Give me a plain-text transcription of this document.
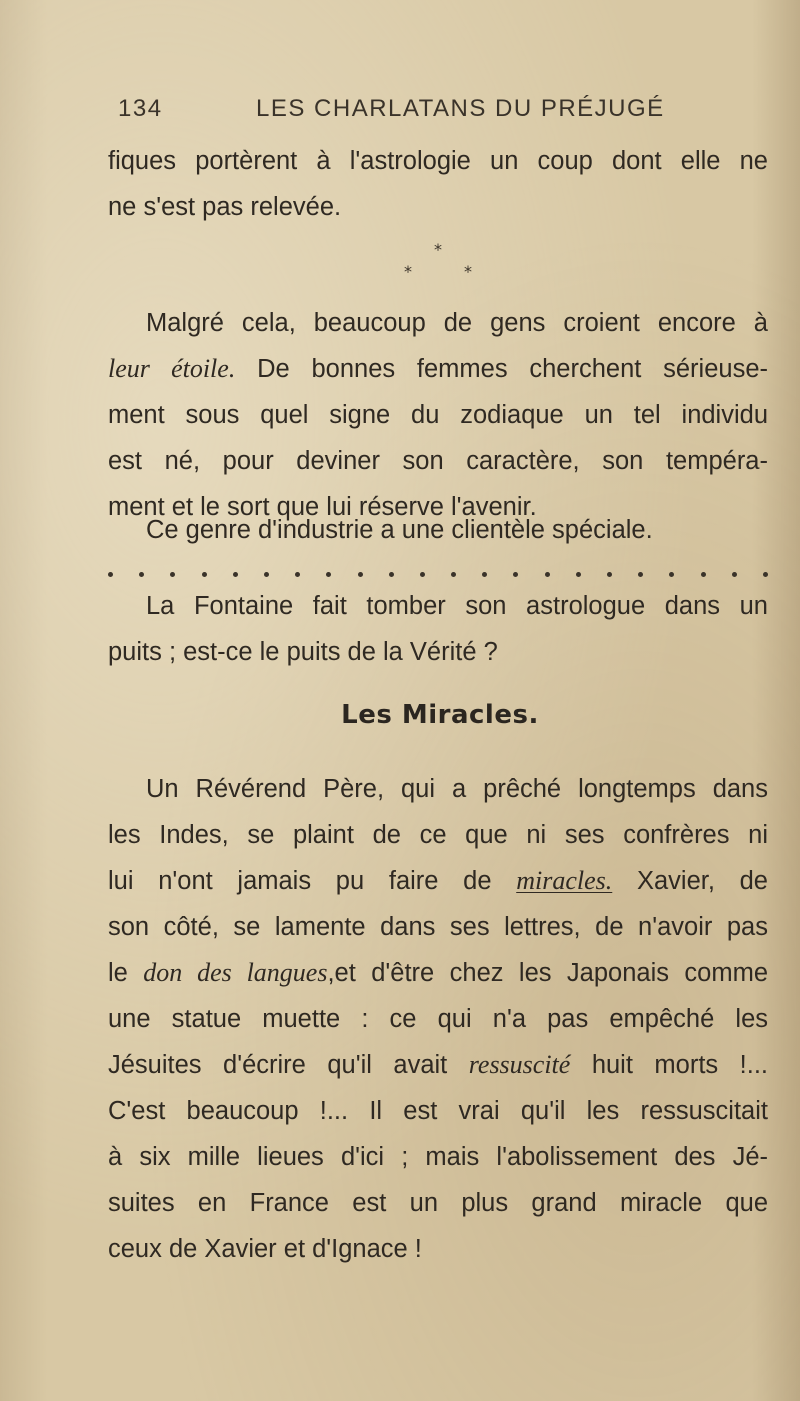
134	LES CHARLATANS DU PRÉJUGÉ
fiques portèrent à l'astrologie un coup dont elle ne
ne s'est pas relevée.
*
*	*
Malgré cela, beaucoup de gens croient encore à
leur étoile. De bonnes femmes cherchent sérieuse-
ment sous quel signe du zodiaque un tel individu
est né, pour deviner son caractère, son tempéra-
ment et le sort que lui réserve l'avenir.
Ce genre d'industrie a une clientèle spéciale.
La Fontaine fait tomber son astrologue dans un
puits ; est-ce le puits de la Vérité ?
Les Miracles.
Un Révérend Père, qui a prêché longtemps dans
les Indes, se plaint de ce que ni ses confrères ni
lui n'ont jamais pu faire de miracles. Xavier, de
son côté, se lamente dans ses lettres, de n'avoir pas
le don des langues,et d'être chez les Japonais comme
une statue muette : ce qui n'a pas empêché les
Jésuites d'écrire qu'il avait ressuscité huit morts !...
C'est beaucoup !... Il est vrai qu'il les ressuscitait
à six mille lieues d'ici ; mais l'abolissement des Jé-
suites en France est un plus grand miracle que
ceux de Xavier et d'Ignace !
